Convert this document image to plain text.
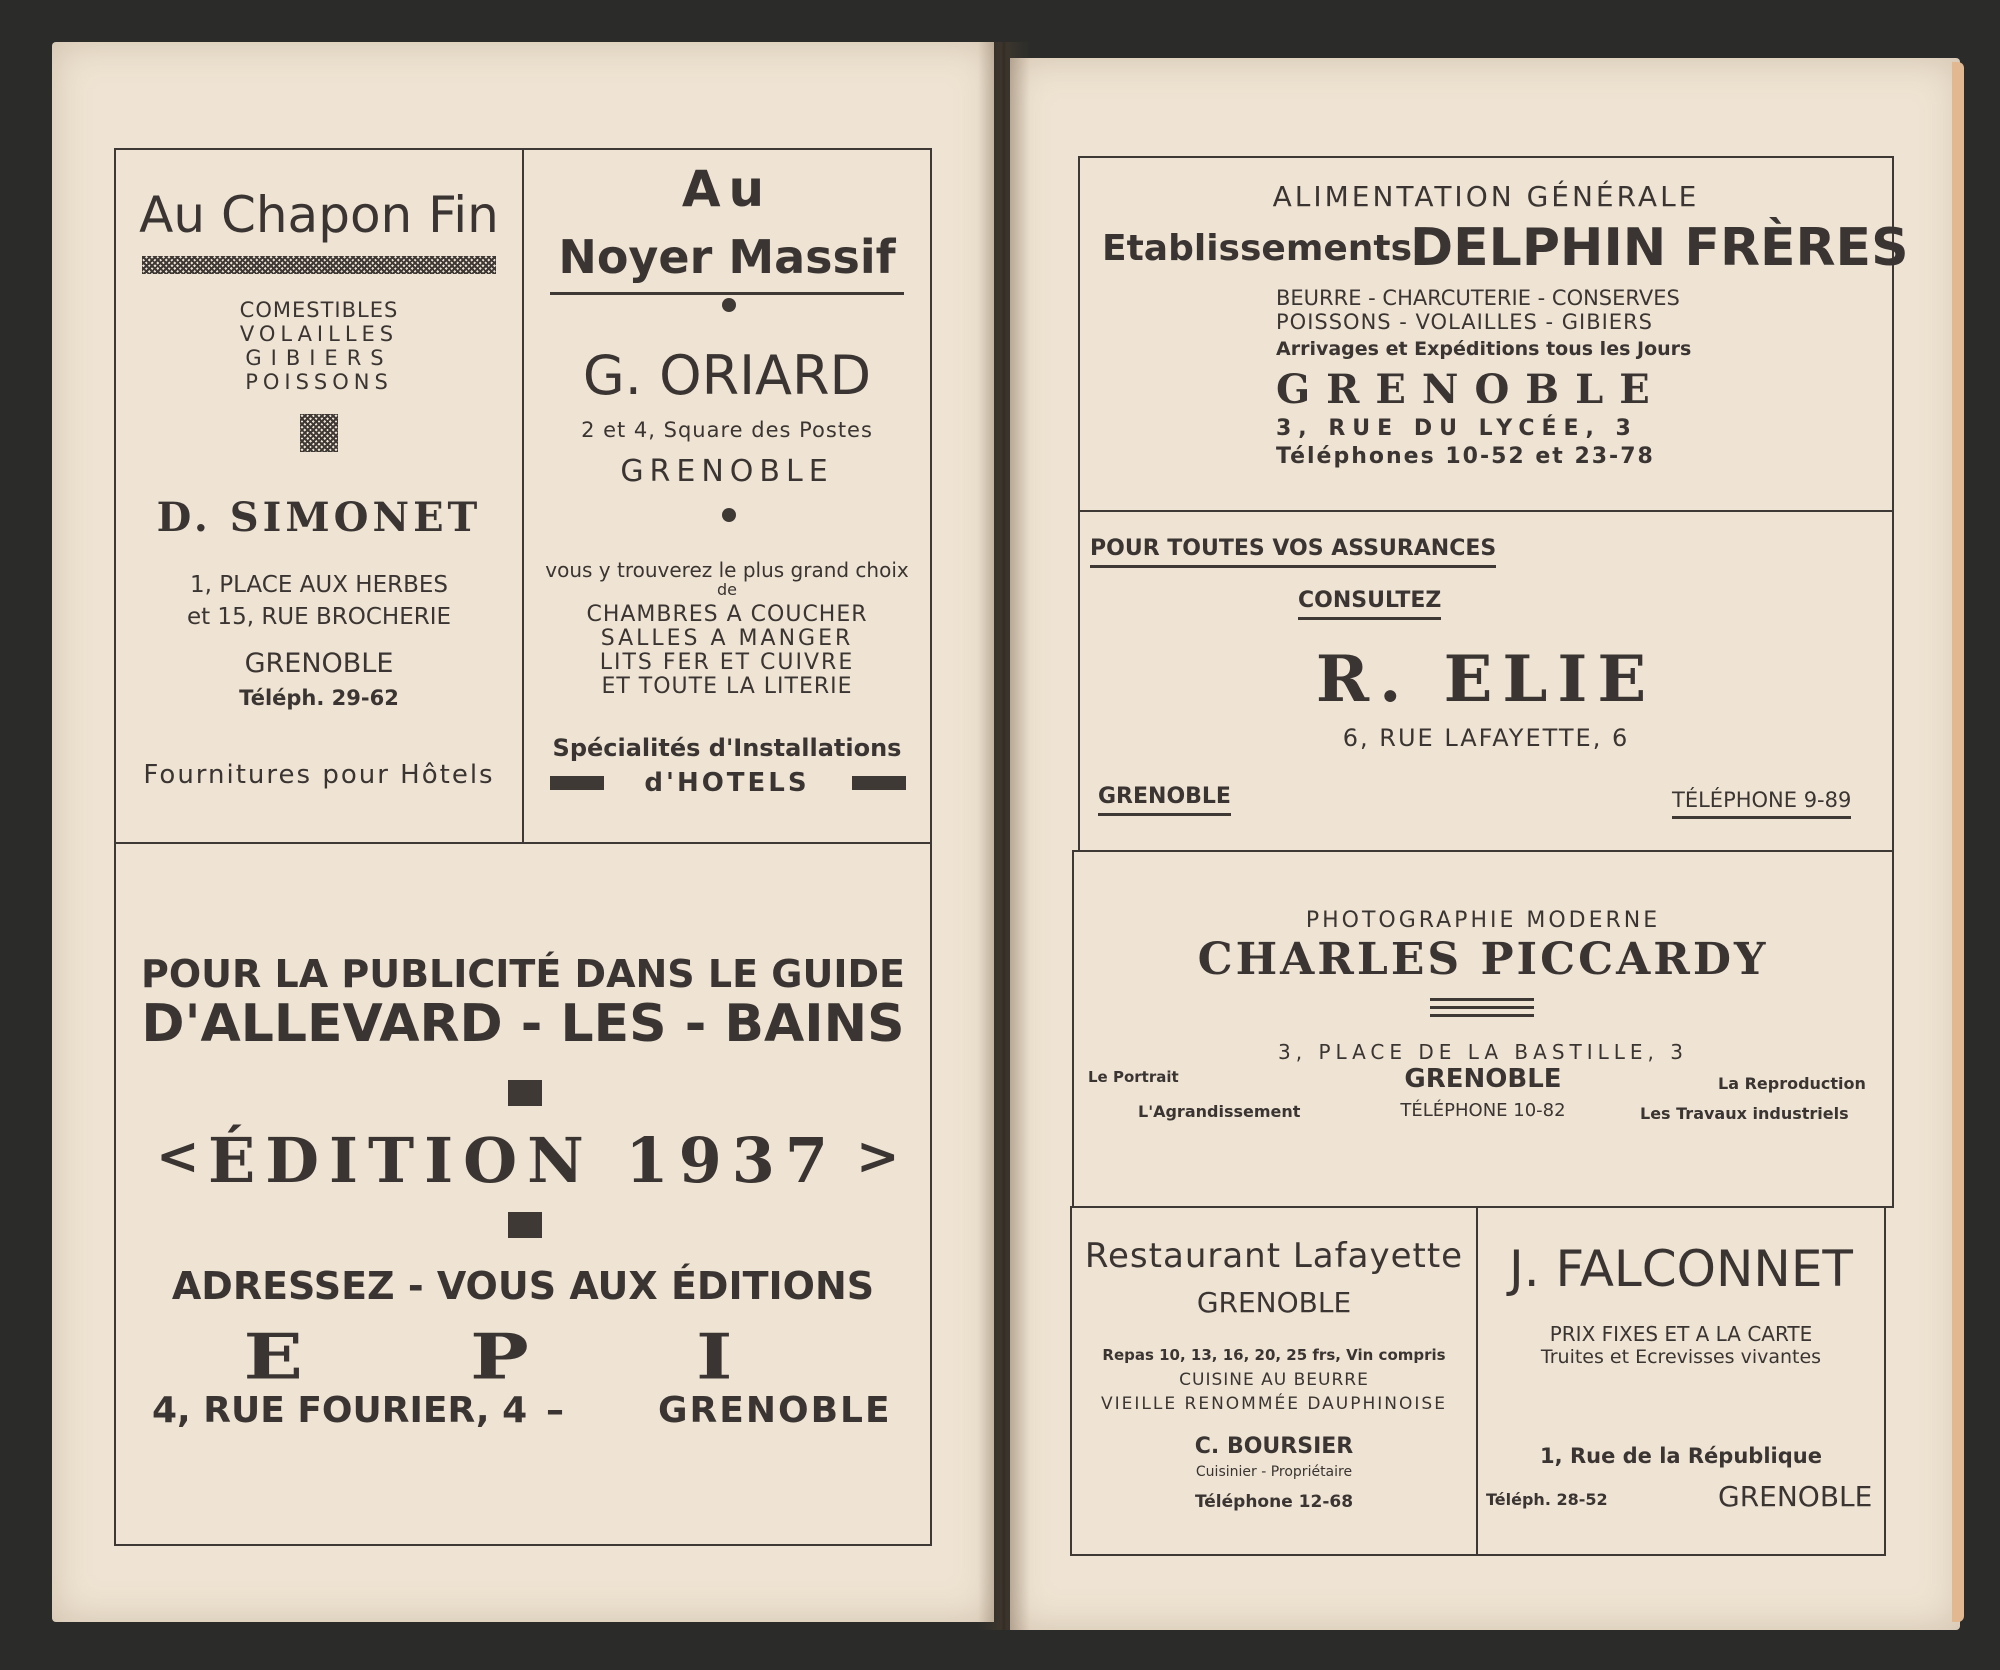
Au Chapon Fin
COMESTIBLES
VOLAILLES
GIBIERS
POISSONS
D. SIMONET
1, PLACE AUX HERBES
et 15, RUE BROCHERIE
GRENOBLE
Téléph. 29-62
Fournitures pour Hôtels
Au
Noyer Massif
G. ORIARD
2 et 4, Square des Postes
GRENOBLE
vous y trouverez le plus grand choix
de
CHAMBRES A COUCHER
SALLES A MANGER
LITS FER ET CUIVRE
ET TOUTE LA LITERIE
Spécialités d'Installations
d'HOTELS
POUR LA PUBLICITÉ DANS LE GUIDE
D'ALLEVARD - LES - BAINS
< ÉDITION 1937 >
ADRESSEZ - VOUS AUX ÉDITIONS
E P I
4, RUE FOURIER, 4 –	GRENOBLE
ALIMENTATION GÉNÉRALE
Etablissements
DELPHIN FRÈRES
BEURRE - CHARCUTERIE - CONSERVES
POISSONS - VOLAILLES - GIBIERS
Arrivages et Expéditions tous les Jours
GRENOBLE
3, RUE DU LYCÉE, 3
Téléphones 10-52 et 23-78
POUR TOUTES VOS ASSURANCES
CONSULTEZ
R. ELIE
6, RUE LAFAYETTE, 6
GRENOBLE	TÉLÉPHONE 9-89
PHOTOGRAPHIE MODERNE
CHARLES PICCARDY
3, PLACE DE LA BASTILLE, 3
Le Portrait	GRENOBLE	La Reproduction
L'Agrandissement	TÉLÉPHONE 10-82	Les Travaux industriels
Restaurant Lafayette
GRENOBLE
Repas 10, 13, 16, 20, 25 frs, Vin compris
CUISINE AU BEURRE
VIEILLE RENOMMÉE DAUPHINOISE
C. BOURSIER
Cuisinier - Propriétaire
Téléphone 12-68
J. FALCONNET
PRIX FIXES ET A LA CARTE
Truites et Ecrevisses vivantes
1, Rue de la République
Téléph. 28-52	GRENOBLE
